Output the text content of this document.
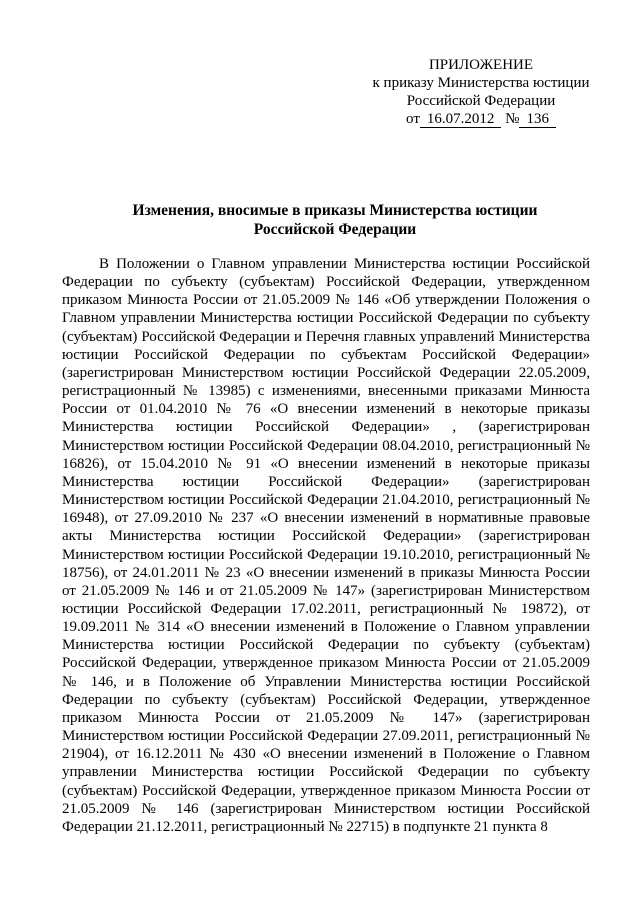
ПРИЛОЖЕНИЕ
к приказу Министерства юстиции
Российской Федерации
от 16.07.2012 № 136
Изменения, вносимые в приказы Министерства юстиции
Российской Федерации

В Положении о Главном управлении Министерства юстиции Российской Федерации по субъекту (субъектам) Российской Федерации, утвержденном приказом Минюста России от 21.05.2009 № 146 «Об утверждении Положения о Главном управлении Министерства юстиции Российской Федерации по субъекту (субъектам) Российской Федерации и Перечня главных управлений Министерства юстиции Российской Федерации по субъектам Российской Федерации» (зарегистрирован Министерством юстиции Российской Федерации 22.05.2009, регистрационный № 13985) с изменениями, внесенными приказами Минюста России от 01.04.2010 № 76 «О внесении изменений в некоторые приказы Министерства юстиции Российской Федерации» , (зарегистрирован Министерством юстиции Российской Федерации 08.04.2010, регистрационный № 16826), от 15.04.2010 № 91 «О внесении изменений в некоторые приказы Министерства юстиции Российской Федерации» (зарегистрирован Министерством юстиции Российской Федерации 21.04.2010, регистрационный № 16948), от 27.09.2010 № 237 «О внесении изменений в нормативные правовые акты Министерства юстиции Российской Федерации» (зарегистрирован Министерством юстиции Российской Федерации 19.10.2010, регистрационный № 18756), от 24.01.2011 № 23 «О внесении изменений в приказы Минюста России от 21.05.2009 № 146 и от 21.05.2009 № 147» (зарегистрирован Министерством юстиции Российской Федерации 17.02.2011, регистрационный № 19872), от 19.09.2011 № 314 «О внесении изменений в Положение о Главном управлении Министерства юстиции Российской Федерации по субъекту (субъектам) Российской Федерации, утвержденное приказом Минюста России от 21.05.2009 № 146, и в Положение об Управлении Министерства юстиции Российской Федерации по субъекту (субъектам) Российской Федерации, утвержденное приказом Минюста России от 21.05.2009 № 147» (зарегистрирован Министерством юстиции Российской Федерации 27.09.2011, регистрационный № 21904), от 16.12.2011 № 430 «О внесении изменений в Положение о Главном управлении Министерства юстиции Российской Федерации по субъекту (субъектам) Российской Федерации, утвержденное приказом Минюста России от 21.05.2009 № 146 (зарегистрирован Министерством юстиции Российской Федерации 21.12.2011, регистрационный № 22715) в подпункте 21 пункта 8
